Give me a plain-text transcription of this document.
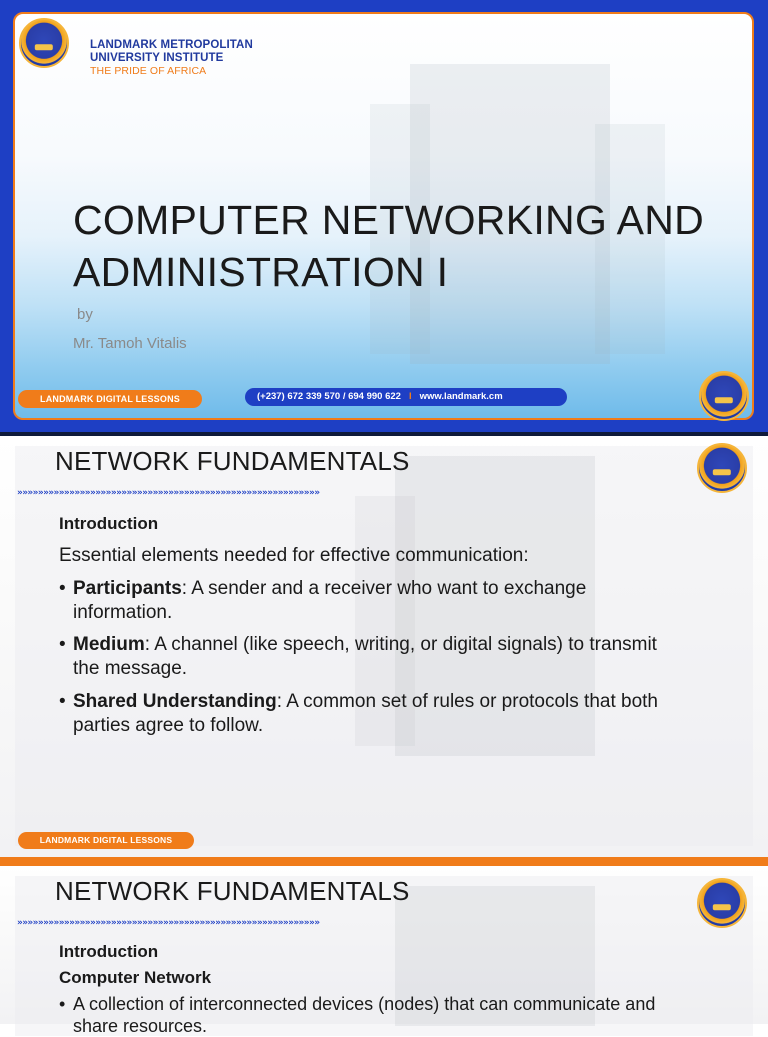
LANDMARK METROPOLITAN
UNIVERSITY INSTITUTE
THE PRIDE OF AFRICA
COMPUTER NETWORKING AND
ADMINISTRATION I
by
Mr. Tamoh Vitalis
LANDMARK DIGITAL LESSONS	(+237) 672 339 570 / 694 990 622 I www.landmark.cm
NETWORK FUNDAMENTALS
»»»»»»»»»»»»»»»»»»»»»»»»»»»»»»»»»»»»»»»»»»»»»»»»»»»»»»»»»»
Introduction
Essential elements needed for effective communication:
• Participants: A sender and a receiver who want to exchange
information.
• Medium: A channel (like speech, writing, or digital signals) to transmit
the message.
• Shared Understanding: A common set of rules or protocols that both
parties agree to follow.
LANDMARK DIGITAL LESSONS
NETWORK FUNDAMENTALS
»»»»»»»»»»»»»»»»»»»»»»»»»»»»»»»»»»»»»»»»»»»»»»»»»»»»»»»»»»
Introduction
Computer Network
• A collection of interconnected devices (nodes) that can communicate and
share resources.
